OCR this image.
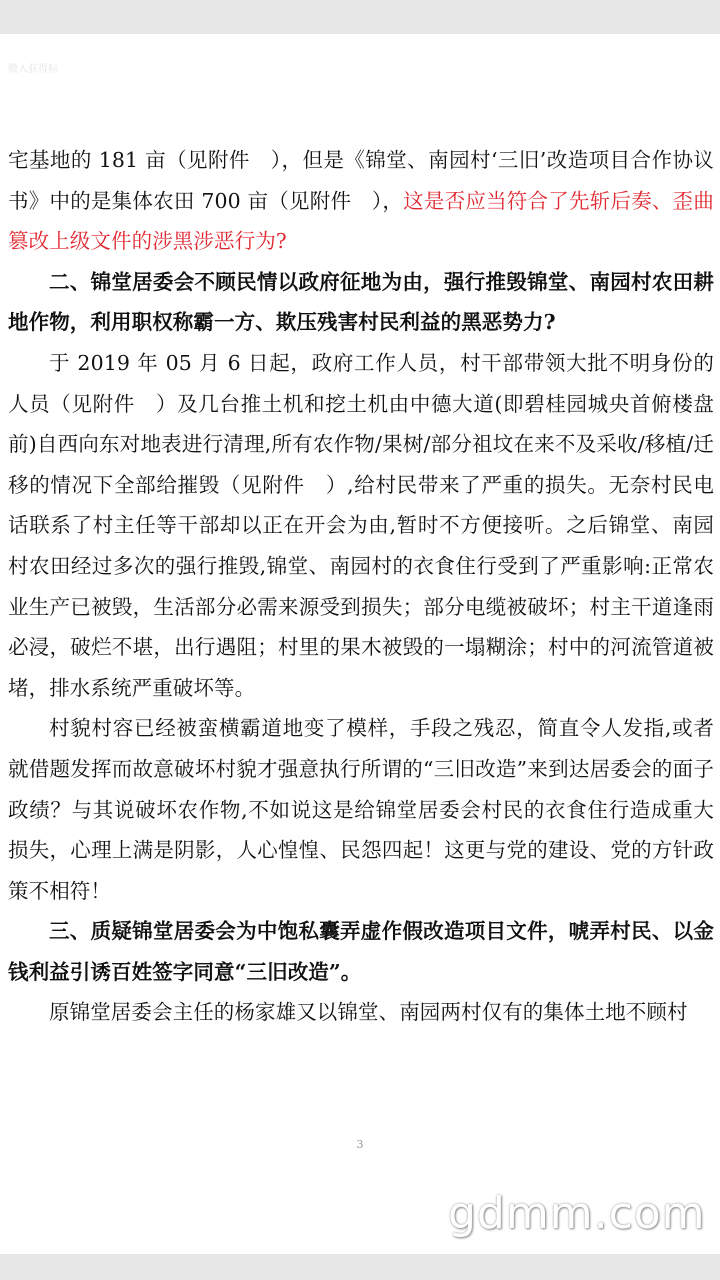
微入获得标

宅基地的 181 亩（见附件　），但是《锦堂、南园村‘三旧’改造项目合作协议书》中的是集体农田 700 亩（见附件　），这是否应当符合了先斩后奏、歪曲篡改上级文件的涉黑涉恶行为?

二、锦堂居委会不顾民情以政府征地为由，强行推毁锦堂、南园村农田耕地作物，利用职权称霸一方、欺压残害村民利益的黑恶势力?

于 2019 年 05 月 6 日起，政府工作人员，村干部带领大批不明身份的人员（见附件　）及几台推土机和挖土机由中德大道(即碧桂园城央首俯楼盘前)自西向东对地表进行清理,所有农作物/果树/部分祖坟在来不及采收/移植/迁移的情况下全部给摧毁（见附件　）,给村民带来了严重的损失。无奈村民电话联系了村主任等干部却以正在开会为由,暂时不方便接听。之后锦堂、南园村农田经过多次的强行推毁,锦堂、南园村的衣食住行受到了严重影响:正常农业生产已被毁，生活部分必需来源受到损失；部分电缆被破坏；村主干道逢雨必浸，破烂不堪，出行遇阻；村里的果木被毁的一塌糊涂；村中的河流管道被堵，排水系统严重破坏等。

村貌村容已经被蛮横霸道地变了模样，手段之残忍，简直令人发指,或者就借题发挥而故意破坏村貌才强意执行所谓的“三旧改造”来到达居委会的面子政绩？与其说破坏农作物,不如说这是给锦堂居委会村民的衣食住行造成重大损失，心理上满是阴影，人心惶惶、民怨四起！这更与党的建设、党的方针政策不相符！

三、质疑锦堂居委会为中饱私囊弄虚作假改造项目文件，唬弄村民、以金钱利益引诱百姓签字同意“三旧改造”。

原锦堂居委会主任的杨家雄又以锦堂、南园两村仅有的集体土地不顾村

3
gdmm.com
